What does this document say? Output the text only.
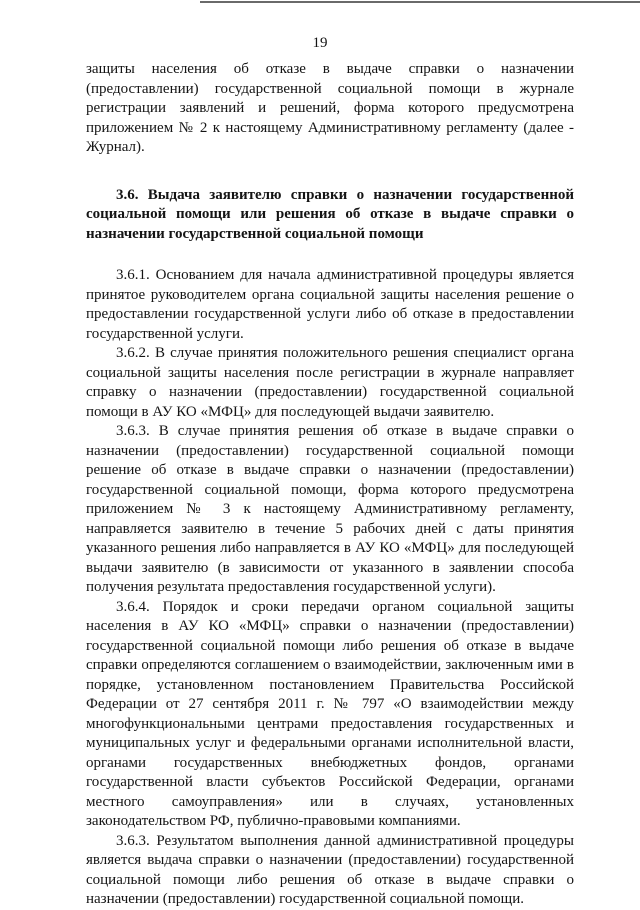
19

защиты населения об отказе в выдаче справки о назначении (предоставлении) государственной социальной помощи в журнале регистрации заявлений и решений, форма которого предусмотрена приложением № 2 к настоящему Административному регламенту (далее - Журнал).

3.6. Выдача заявителю справки о назначении государственной социальной помощи или решения об отказе в выдаче справки о назначении государственной социальной помощи

3.6.1. Основанием для начала административной процедуры является принятое руководителем органа социальной защиты населения решение о предоставлении государственной услуги либо об отказе в предоставлении государственной услуги.

3.6.2. В случае принятия положительного решения специалист органа социальной защиты населения после регистрации в журнале направляет справку о назначении (предоставлении) государственной социальной помощи в АУ КО «МФЦ» для последующей выдачи заявителю.

3.6.3. В случае принятия решения об отказе в выдаче справки о назначении (предоставлении) государственной социальной помощи решение об отказе в выдаче справки о назначении (предоставлении) государственной социальной помощи, форма которого предусмотрена приложением № 3 к настоящему Административному регламенту, направляется заявителю в течение 5 рабочих дней с даты принятия указанного решения либо направляется в АУ КО «МФЦ» для последующей выдачи заявителю (в зависимости от указанного в заявлении способа получения результата предоставления государственной услуги).

3.6.4. Порядок и сроки передачи органом социальной защиты населения в АУ КО «МФЦ» справки о назначении (предоставлении) государственной социальной помощи либо решения об отказе в выдаче справки определяются соглашением о взаимодействии, заключенным ими в порядке, установленном постановлением Правительства Российской Федерации от 27 сентября 2011 г. № 797 «О взаимодействии между многофункциональными центрами предоставления государственных и муниципальных услуг и федеральными органами исполнительной власти, органами государственных внебюджетных фондов, органами государственной власти субъектов Российской Федерации, органами местного самоуправления» или в случаях, установленных законодательством РФ, публично-правовыми компаниями.

3.6.3. Результатом выполнения данной административной процедуры является выдача справки о назначении (предоставлении) государственной социальной помощи либо решения об отказе в выдаче справки о назначении (предоставлении) государственной социальной помощи.
